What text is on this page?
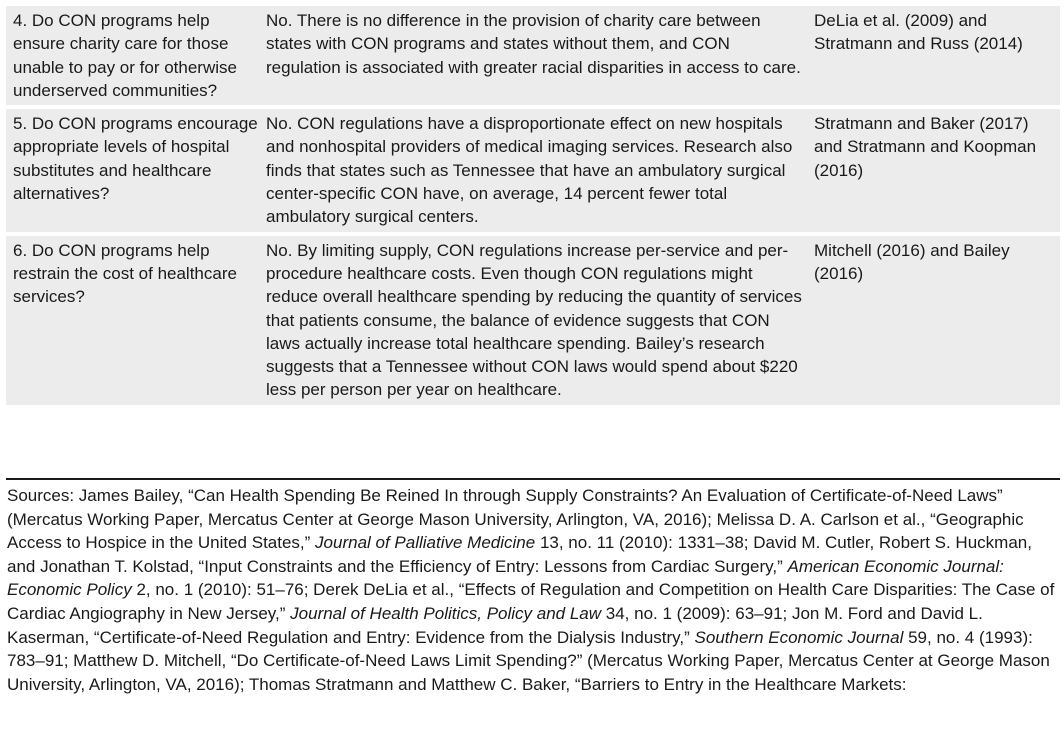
4. Do CON programs help ensure charity care for those unable to pay or for otherwise underserved communities?
No. There is no difference in the provision of charity care between states with CON programs and states without them, and CON regulation is associated with greater racial disparities in access to care.
DeLia et al. (2009) and Stratmann and Russ (2014)
5. Do CON programs encourage appropriate levels of hospital substitutes and healthcare alternatives?
No. CON regulations have a disproportionate effect on new hospitals and nonhospital providers of medical imaging services. Research also finds that states such as Tennessee that have an ambulatory surgical center-specific CON have, on average, 14 percent fewer total ambulatory surgical centers.
Stratmann and Baker (2017) and Stratmann and Koopman (2016)
6. Do CON programs help restrain the cost of healthcare services?
No. By limiting supply, CON regulations increase per-service and per-procedure healthcare costs. Even though CON regulations might reduce overall healthcare spending by reducing the quantity of services that patients consume, the balance of evidence suggests that CON laws actually increase total healthcare spending. Bailey’s research suggests that a Tennessee without CON laws would spend about $220 less per person per year on healthcare.
Mitchell (2016) and Bailey (2016)

Sources: James Bailey, “Can Health Spending Be Reined In through Supply Constraints? An Evaluation of Certificate-of-Need Laws” (Mercatus Working Paper, Mercatus Center at George Mason University, Arlington, VA, 2016); Melissa D. A. Carlson et al., “Geographic Access to Hospice in the United States,” Journal of Palliative Medicine 13, no. 11 (2010): 1331–38; David M. Cutler, Robert S. Huckman, and Jonathan T. Kolstad, “Input Constraints and the Efficiency of Entry: Lessons from Cardiac Surgery,” American Economic Journal: Economic Policy 2, no. 1 (2010): 51–76; Derek DeLia et al., “Effects of Regulation and Competition on Health Care Disparities: The Case of Cardiac Angiography in New Jersey,” Journal of Health Politics, Policy and Law 34, no. 1 (2009): 63–91; Jon M. Ford and David L. Kaserman, “Certificate-of-Need Regulation and Entry: Evidence from the Dialysis Industry,” Southern Economic Journal 59, no. 4 (1993): 783–91; Matthew D. Mitchell, “Do Certificate-of-Need Laws Limit Spending?” (Mercatus Working Paper, Mercatus Center at George Mason University, Arlington, VA, 2016); Thomas Stratmann and Matthew C. Baker, “Barriers to Entry in the Healthcare Markets:
